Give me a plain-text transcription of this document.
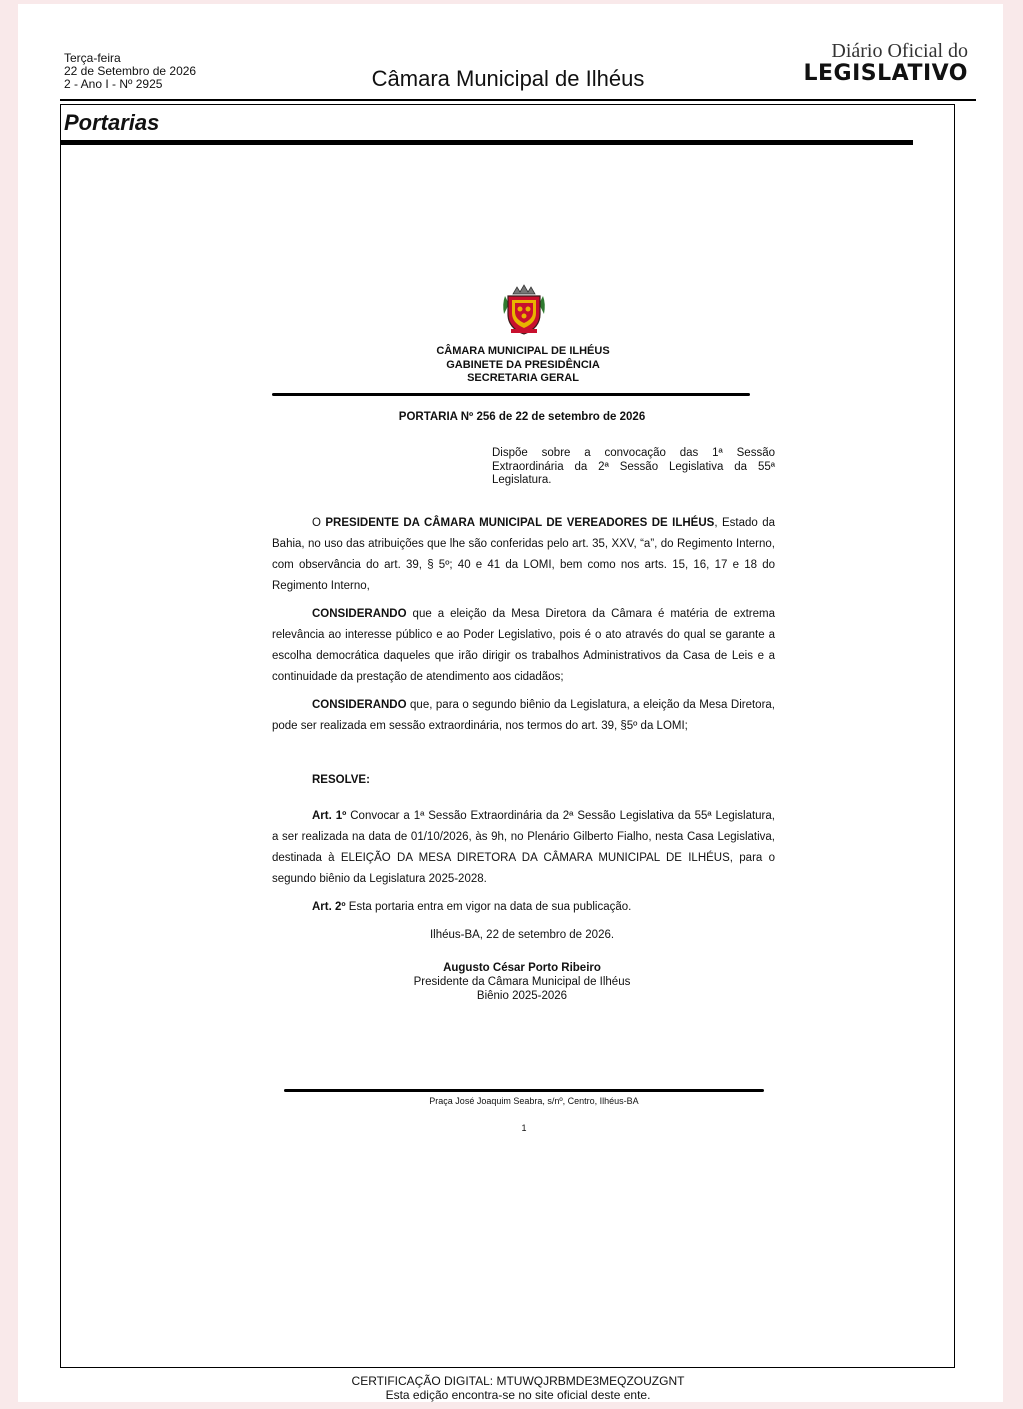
Terça-feira
22 de Setembro de 2026
2 - Ano I - Nº 2925	Câmara Municipal de Ilhéus
Diário Oficial do
LEGISLATIVO
Portarias
CÂMARA MUNICIPAL DE ILHÉUS
GABINETE DA PRESIDÊNCIA
SECRETARIA GERAL
PORTARIA Nº 256 de 22 de setembro de 2026
Dispõe sobre a convocação das 1ª Sessão Extraordinária da 2ª Sessão Legislativa da 55ª Legislatura.

O PRESIDENTE DA CÂMARA MUNICIPAL DE VEREADORES DE ILHÉUS, Estado da Bahia, no uso das atribuições que lhe são conferidas pelo art. 35, XXV, “a”, do Regimento Interno, com observância do art. 39, § 5º; 40 e 41 da LOMI, bem como nos arts. 15, 16, 17 e 18 do Regimento Interno,

CONSIDERANDO que a eleição da Mesa Diretora da Câmara é matéria de extrema relevância ao interesse público e ao Poder Legislativo, pois é o ato através do qual se garante a escolha democrática daqueles que irão dirigir os trabalhos Administrativos da Casa de Leis e a continuidade da prestação de atendimento aos cidadãos;

CONSIDERANDO que, para o segundo biênio da Legislatura, a eleição da Mesa Diretora, pode ser realizada em sessão extraordinária, nos termos do art. 39, §5º da LOMI;

RESOLVE:

Art. 1º Convocar a 1ª Sessão Extraordinária da 2ª Sessão Legislativa da 55ª Legislatura, a ser realizada na data de 01/10/2026, às 9h, no Plenário Gilberto Fialho, nesta Casa Legislativa, destinada à ELEIÇÃO DA MESA DIRETORA DA CÂMARA MUNICIPAL DE ILHÉUS, para o segundo biênio da Legislatura 2025-2028.

Art. 2º Esta portaria entra em vigor na data de sua publicação.

Ilhéus-BA, 22 de setembro de 2026.
Augusto César Porto Ribeiro
Presidente da Câmara Municipal de Ilhéus
Biênio 2025-2026
Praça José Joaquim Seabra, s/nº, Centro, Ilhéus-BA
1
CERTIFICAÇÃO DIGITAL: MTUWQJRBMDE3MEQZOUZGNT
Esta edição encontra-se no site oficial deste ente.
